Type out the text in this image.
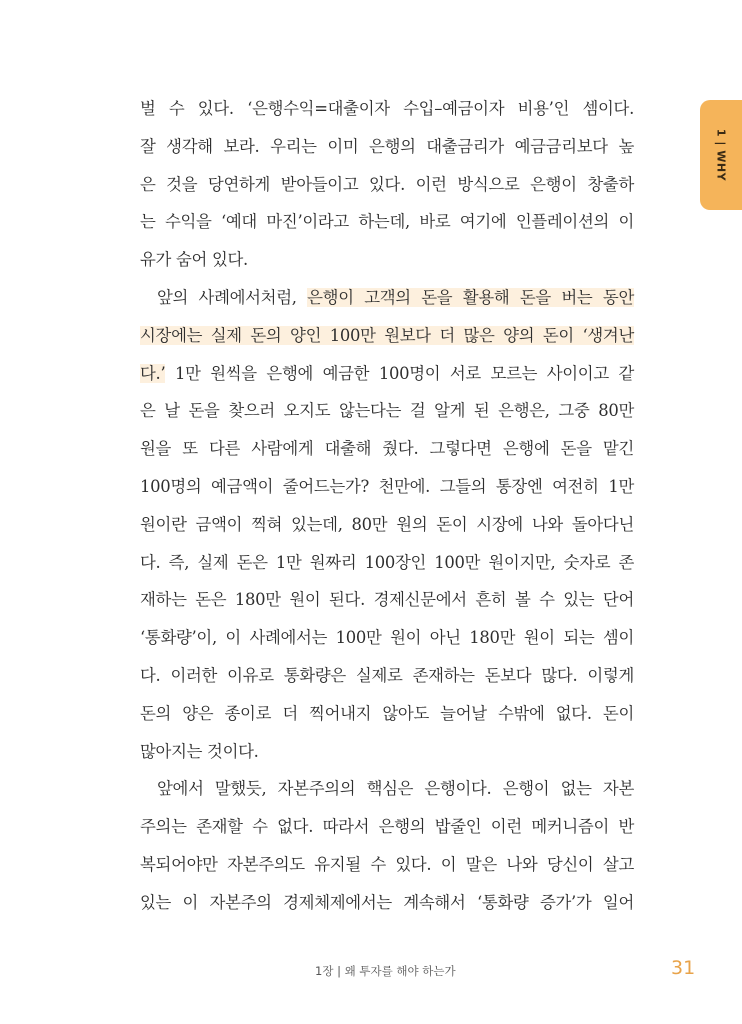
1 | WHY
벌 수 있다. ‘은행수익=대출이자 수입–예금이자 비용’인 셈이다.
잘 생각해 보라. 우리는 이미 은행의 대출금리가 예금금리보다 높
은 것을 당연하게 받아들이고 있다. 이런 방식으로 은행이 창출하
는 수익을 ‘예대 마진’이라고 하는데, 바로 여기에 인플레이션의 이
유가 숨어 있다.
앞의 사례에서처럼, 은행이 고객의 돈을 활용해 돈을 버는 동안
시장에는 실제 돈의 양인 100만 원보다 더 많은 양의 돈이 ‘생겨난
다.’ 1만 원씩을 은행에 예금한 100명이 서로 모르는 사이이고 같
은 날 돈을 찾으러 오지도 않는다는 걸 알게 된 은행은, 그중 80만
원을 또 다른 사람에게 대출해 줬다. 그렇다면 은행에 돈을 맡긴
100명의 예금액이 줄어드는가? 천만에. 그들의 통장엔 여전히 1만
원이란 금액이 찍혀 있는데, 80만 원의 돈이 시장에 나와 돌아다닌
다. 즉, 실제 돈은 1만 원짜리 100장인 100만 원이지만, 숫자로 존
재하는 돈은 180만 원이 된다. 경제신문에서 흔히 볼 수 있는 단어
‘통화량’이, 이 사례에서는 100만 원이 아닌 180만 원이 되는 셈이
다. 이러한 이유로 통화량은 실제로 존재하는 돈보다 많다. 이렇게
돈의 양은 종이로 더 찍어내지 않아도 늘어날 수밖에 없다. 돈이
많아지는 것이다.
앞에서 말했듯, 자본주의의 핵심은 은행이다. 은행이 없는 자본
주의는 존재할 수 없다. 따라서 은행의 밥줄인 이런 메커니즘이 반
복되어야만 자본주의도 유지될 수 있다. 이 말은 나와 당신이 살고
있는 이 자본주의 경제체제에서는 계속해서 ‘통화량 증가’가 일어
1장 | 왜 투자를 해야 하는가	31
